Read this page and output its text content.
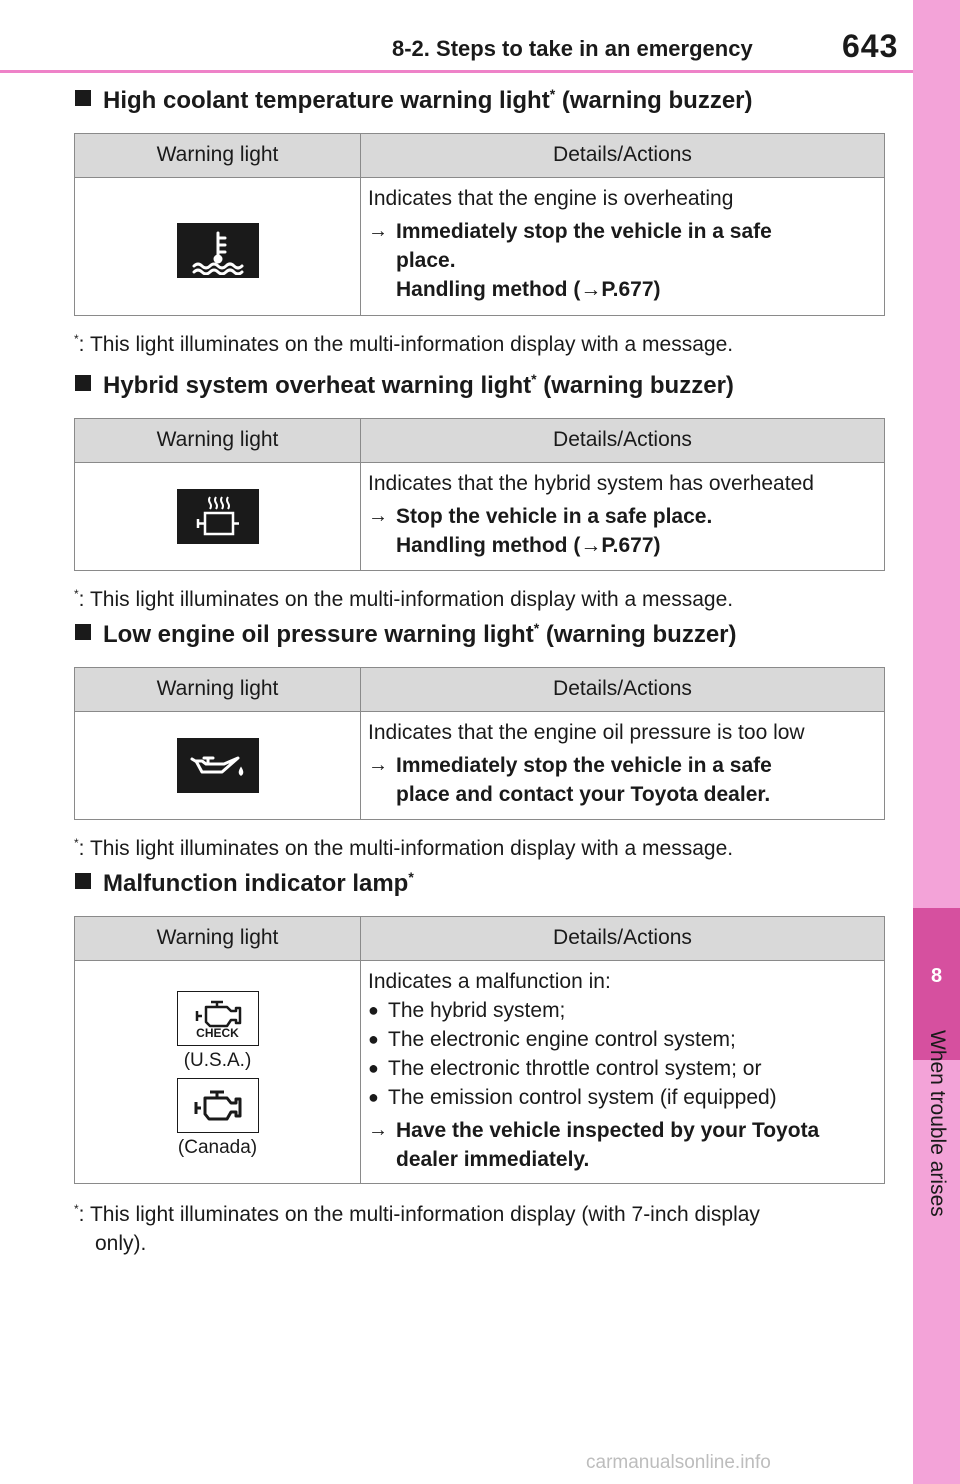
8-2. Steps to take in an emergency	643
8
When trouble arises
High coolant temperature warning light* (warning buzzer)
Warning light	Details/Actions
Indicates that the engine is overheating
→ Immediately stop the vehicle in a safe
place.
Handling method (→P.677)
*: This light illuminates on the multi-information display with a message.
Hybrid system overheat warning light* (warning buzzer)
Warning light	Details/Actions
Indicates that the hybrid system has overheated
→ Stop the vehicle in a safe place.
Handling method (→P.677)
*: This light illuminates on the multi-information display with a message.
Low engine oil pressure warning light* (warning buzzer)
Warning light	Details/Actions
Indicates that the engine oil pressure is too low
→ Immediately stop the vehicle in a safe
place and contact your Toyota dealer.
*: This light illuminates on the multi-information display with a message.
Malfunction indicator lamp*
Warning light	Details/Actions
CHECK
(U.S.A.)
(Canada)
Indicates a malfunction in:
● The hybrid system;
● The electronic engine control system;
● The electronic throttle control system; or
● The emission control system (if equipped)
→ Have the vehicle inspected by your Toyota
dealer immediately.
*: This light illuminates on the multi-information display (with 7-inch display
only).
carmanualsonline.info
